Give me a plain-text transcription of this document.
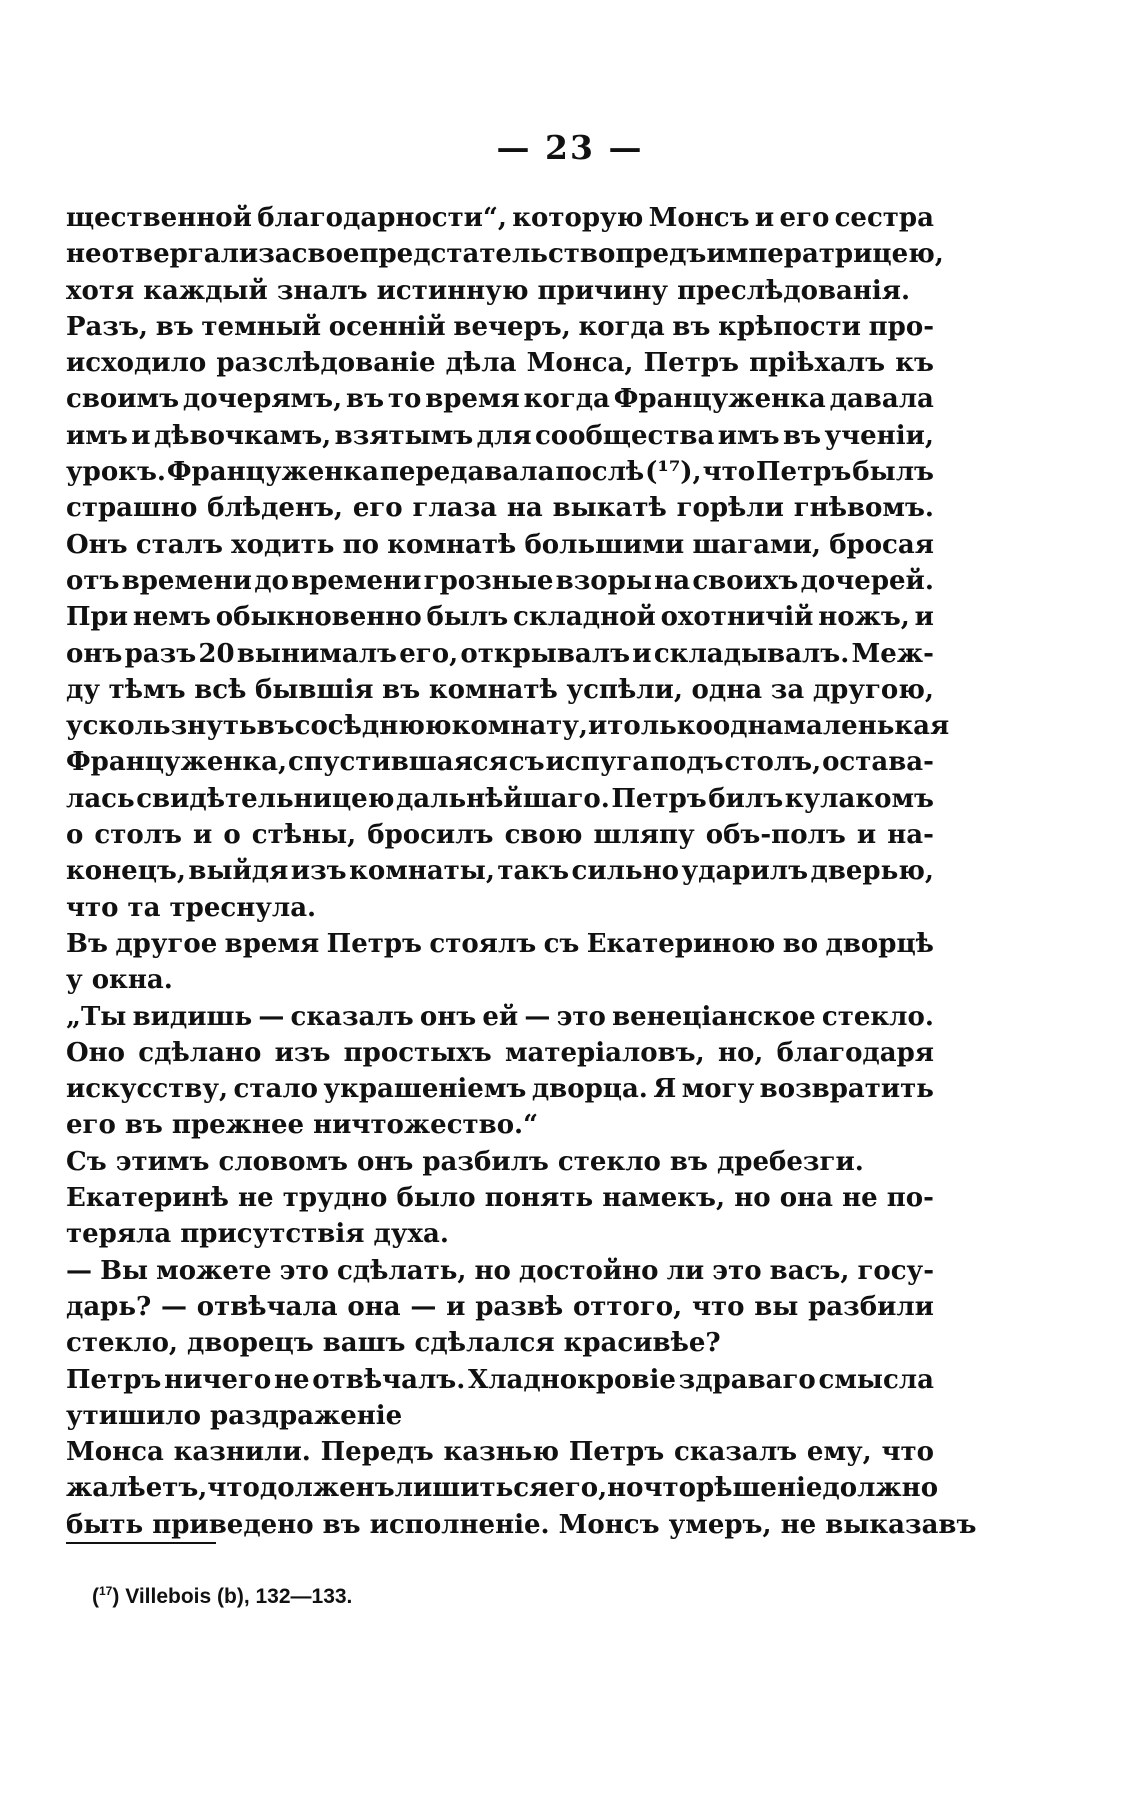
— 23 —
щественной благодарности“, которую Монсъ и его сестра
не отвергали за свое предстательство предъ императрицею,
хотя каждый зналъ истинную причину преслѣдованія.
Разъ, въ темный осенній вечеръ, когда въ крѣпости про-
исходило разслѣдованіе дѣла Монса, Петръ пріѣхалъ къ
своимъ дочерямъ, въ то время когда Француженка давала
имъ и дѣвочкамъ, взятымъ для сообщества имъ въ ученіи,
урокъ. Француженка передавала послѣ (¹⁷), что Петръ былъ
страшно блѣденъ, его глаза на выкатѣ горѣли гнѣвомъ.
Онъ сталъ ходить по комнатѣ большими шагами, бросая
отъ времени до времени грозные взоры на своихъ дочерей.
При немъ обыкновенно былъ складной охотничій ножъ, и
онъ разъ 20 вынималъ его, открывалъ и складывалъ. Меж-
ду тѣмъ всѣ бывшія въ комнатѣ успѣли, одна за другою,
ускользнуть въ сосѣднюю комнату, и только одна маленькая
Француженка, спустившаяся съ испуга подъ столъ, остава-
лась свидѣтельницею дальнѣйшаго. Петръ билъ кулакомъ
о столъ и о стѣны, бросилъ свою шляпу объ-полъ и на-
конецъ, выйдя изъ комнаты, такъ сильно ударилъ дверью,
что та треснула.
Въ другое время Петръ стоялъ съ Екатериною во дворцѣ
у окна.
„Ты видишь — сказалъ онъ ей — это венеціанское стекло.
Оно сдѣлано изъ простыхъ матеріаловъ, но, благодаря
искусству, стало украшеніемъ дворца. Я могу возвратить
его въ прежнее ничтожество.“
Съ этимъ словомъ онъ разбилъ стекло въ дребезги.
Екатеринѣ не трудно было понять намекъ, но она не по-
теряла присутствія духа.
— Вы можете это сдѣлать, но достойно ли это васъ, госу-
дарь? — отвѣчала она — и развѣ оттого, что вы разбили
стекло, дворецъ вашъ сдѣлался красивѣе?
Петръ ничего не отвѣчалъ. Хладнокровіе здраваго смысла
утишило раздраженіе
Монса казнили. Передъ казнью Петръ сказалъ ему, что
жалѣетъ, что долженъ лишиться его, но что рѣшеніе должно
быть приведено въ исполненіе. Монсъ умеръ, не выказавъ
($^{17}$) Villebois (b), 132—133.
